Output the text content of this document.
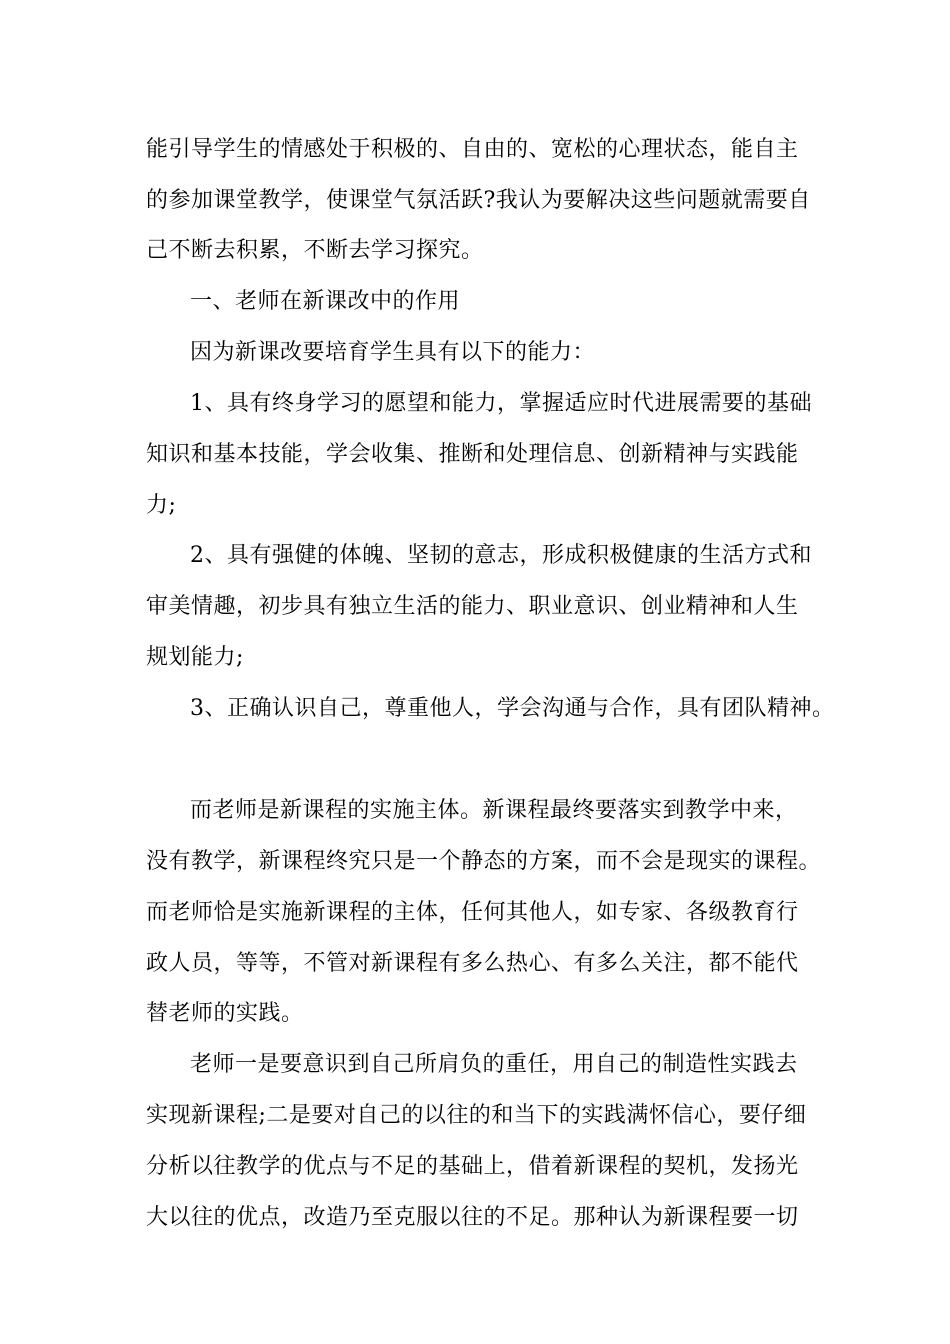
能引导学生的情感处于积极的、自由的、宽松的心理状态，能自主
的参加课堂教学，使课堂气氛活跃?我认为要解决这些问题就需要自
己不断去积累，不断去学习探究。
一、老师在新课改中的作用
因为新课改要培育学生具有以下的能力：
1、具有终身学习的愿望和能力，掌握适应时代进展需要的基础
知识和基本技能，学会收集、推断和处理信息、创新精神与实践能
力;
2、具有强健的体魄、坚韧的意志，形成积极健康的生活方式和
审美情趣，初步具有独立生活的能力、职业意识、创业精神和人生
规划能力;
3、正确认识自己，尊重他人，学会沟通与合作，具有团队精神。
而老师是新课程的实施主体。新课程最终要落实到教学中来，
没有教学，新课程终究只是一个静态的方案，而不会是现实的课程。
而老师恰是实施新课程的主体，任何其他人，如专家、各级教育行
政人员，等等，不管对新课程有多么热心、有多么关注，都不能代
替老师的实践。
老师一是要意识到自己所肩负的重任，用自己的制造性实践去
实现新课程;二是要对自己的以往的和当下的实践满怀信心，要仔细
分析以往教学的优点与不足的基础上，借着新课程的契机，发扬光
大以往的优点，改造乃至克服以往的不足。那种认为新课程要一切
